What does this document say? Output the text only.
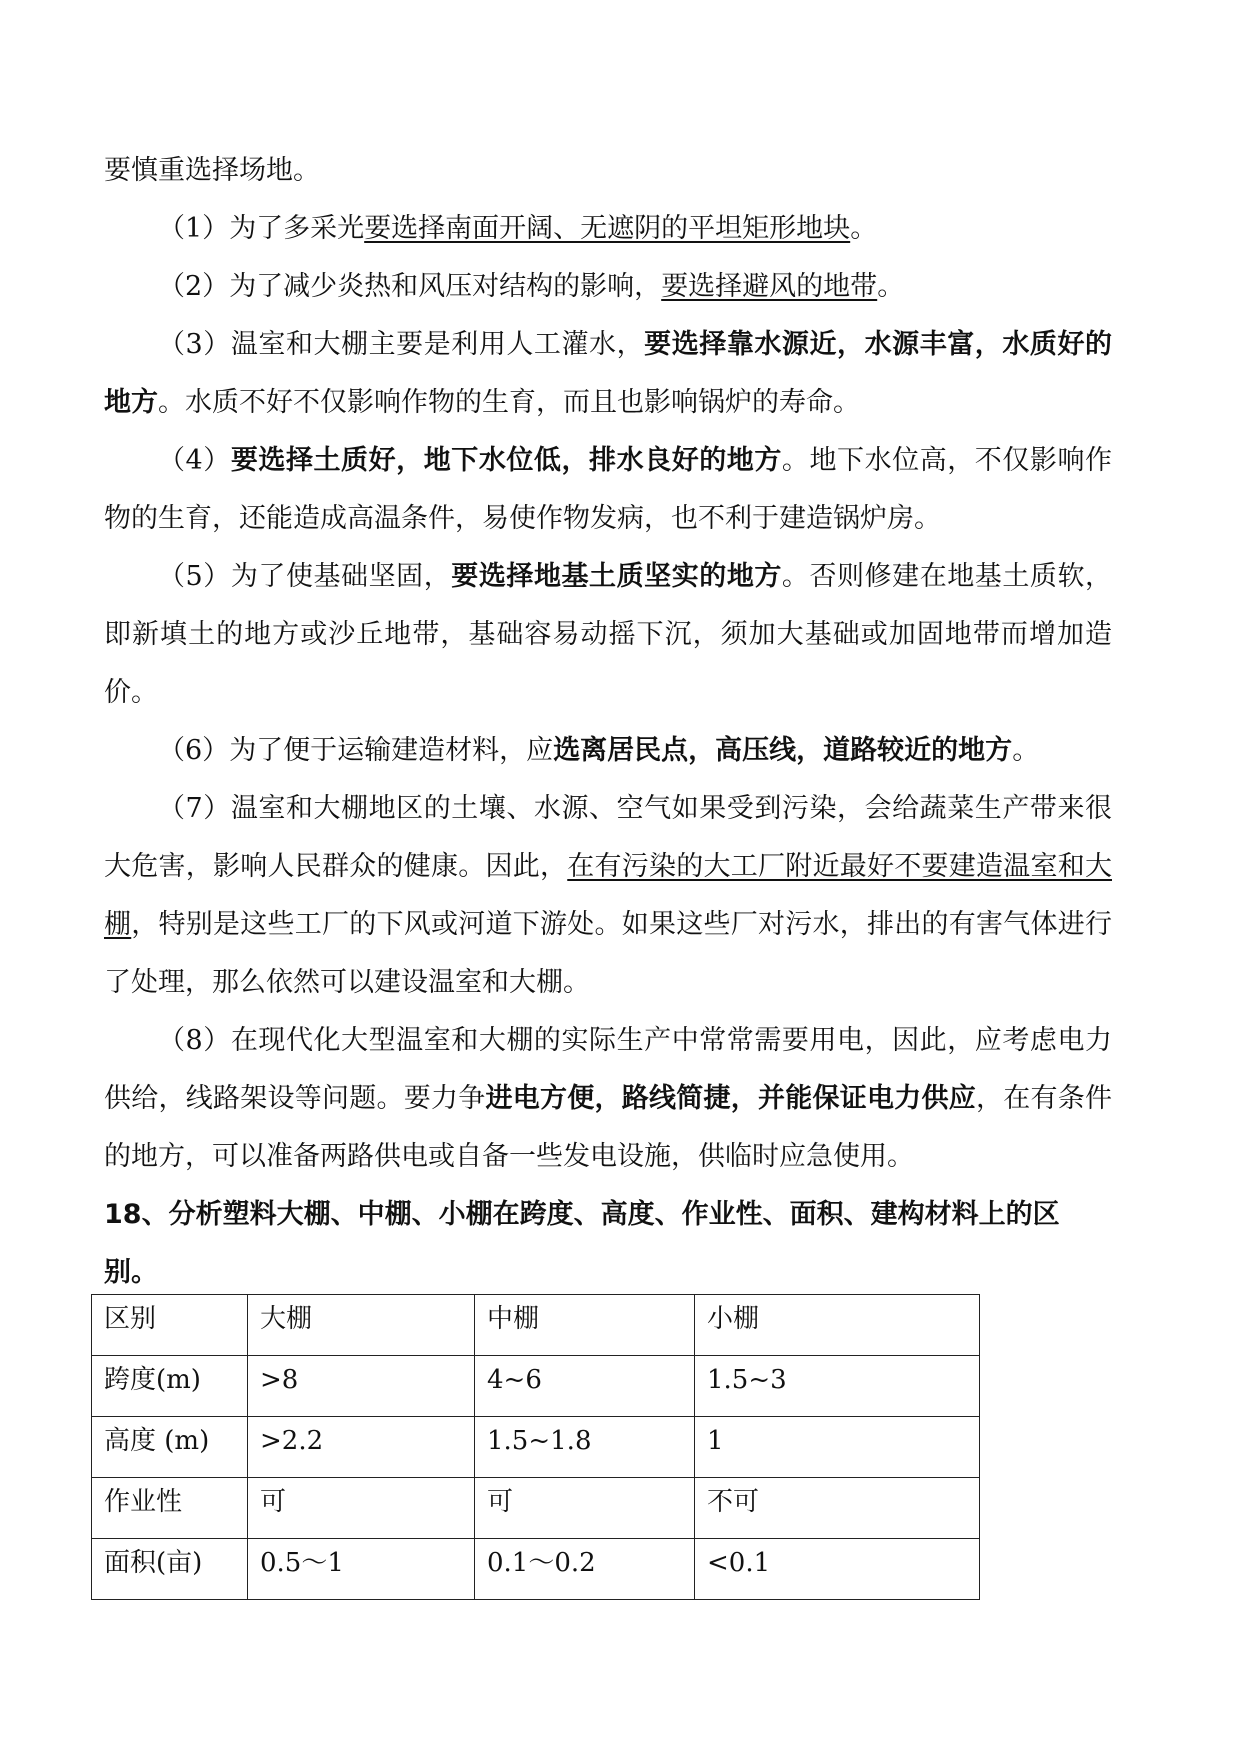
要慎重选择场地。

（1）为了多采光要选择南面开阔、无遮阴的平坦矩形地块。

（2）为了减少炎热和风压对结构的影响，要选择避风的地带。

（3）温室和大棚主要是利用人工灌水，要选择靠水源近，水源丰富，水质好的地方。水质不好不仅影响作物的生育，而且也影响锅炉的寿命。

（4）要选择土质好，地下水位低，排水良好的地方。地下水位高，不仅影响作物的生育，还能造成高温条件，易使作物发病，也不利于建造锅炉房。

（5）为了使基础坚固，要选择地基土质坚实的地方。否则修建在地基土质软，即新填土的地方或沙丘地带，基础容易动摇下沉，须加大基础或加固地带而增加造价。

（6）为了便于运输建造材料，应选离居民点，高压线，道路较近的地方。

（7）温室和大棚地区的土壤、水源、空气如果受到污染，会给蔬菜生产带来很大危害，影响人民群众的健康。因此，在有污染的大工厂附近最好不要建造温室和大棚，特别是这些工厂的下风或河道下游处。如果这些厂对污水，排出的有害气体进行了处理，那么依然可以建设温室和大棚。

（8）在现代化大型温室和大棚的实际生产中常常需要用电，因此，应考虑电力供给，线路架设等问题。要力争进电方便，路线简捷，并能保证电力供应，在有条件的地方，可以准备两路供电或自备一些发电设施，供临时应急使用。

18、分析塑料大棚、中棚、小棚在跨度、高度、作业性、面积、建构材料上的区别。

区别	大棚	中棚	小棚
跨度(m)	>8	4~6	1.5~3
高度 (m)	>2.2	1.5~1.8	1
作业性	可	可	不可
面积(亩)	0.5～1	0.1～0.2	<0.1
